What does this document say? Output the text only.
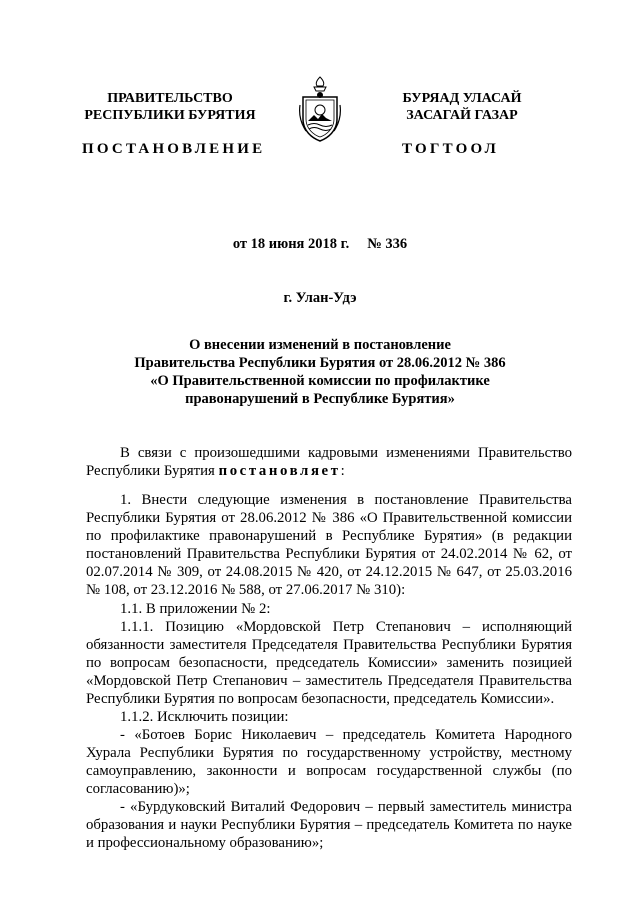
ПРАВИТЕЛЬСТВО
РЕСПУБЛИКИ БУРЯТИЯ
БУРЯАД УЛАСАЙ
ЗАСАГАЙ ГАЗАР
ПОСТАНОВЛЕНИЕ	ТОГТООЛ
от 18 июня 2018 г. № 336
г. Улан-Удэ
О внесении изменений в постановление
Правительства Республики Бурятия от 28.06.2012 № 386
«О Правительственной комиссии по профилактике
правонарушений в Республике Бурятия»

В связи с произошедшими кадровыми изменениями Правительство Республики Бурятия постановляет:

1. Внести следующие изменения в постановление Правительства Республики Бурятия от 28.06.2012 № 386 «О Правительственной комиссии по профилактике правонарушений в Республике Бурятия» (в редакции постановлений Правительства Республики Бурятия от 24.02.2014 № 62, от 02.07.2014 № 309, от 24.08.2015 № 420, от 24.12.2015 № 647, от 25.03.2016 № 108, от 23.12.2016 № 588, от 27.06.2017 № 310):

1.1. В приложении № 2:

1.1.1. Позицию «Мордовской Петр Степанович – исполняющий обязанности заместителя Председателя Правительства Республики Бурятия по вопросам безопасности, председатель Комиссии» заменить позицией «Мордовской Петр Степанович – заместитель Председателя Правительства Республики Бурятия по вопросам безопасности, председатель Комиссии».

1.1.2. Исключить позиции:

- «Ботоев Борис Николаевич – председатель Комитета Народного Хурала Республики Бурятия по государственному устройству, местному самоуправлению, законности и вопросам государственной службы (по согласованию)»;

- «Бурдуковский Виталий Федорович – первый заместитель министра образования и науки Республики Бурятия – председатель Комитета по науке и профессиональному образованию»;
